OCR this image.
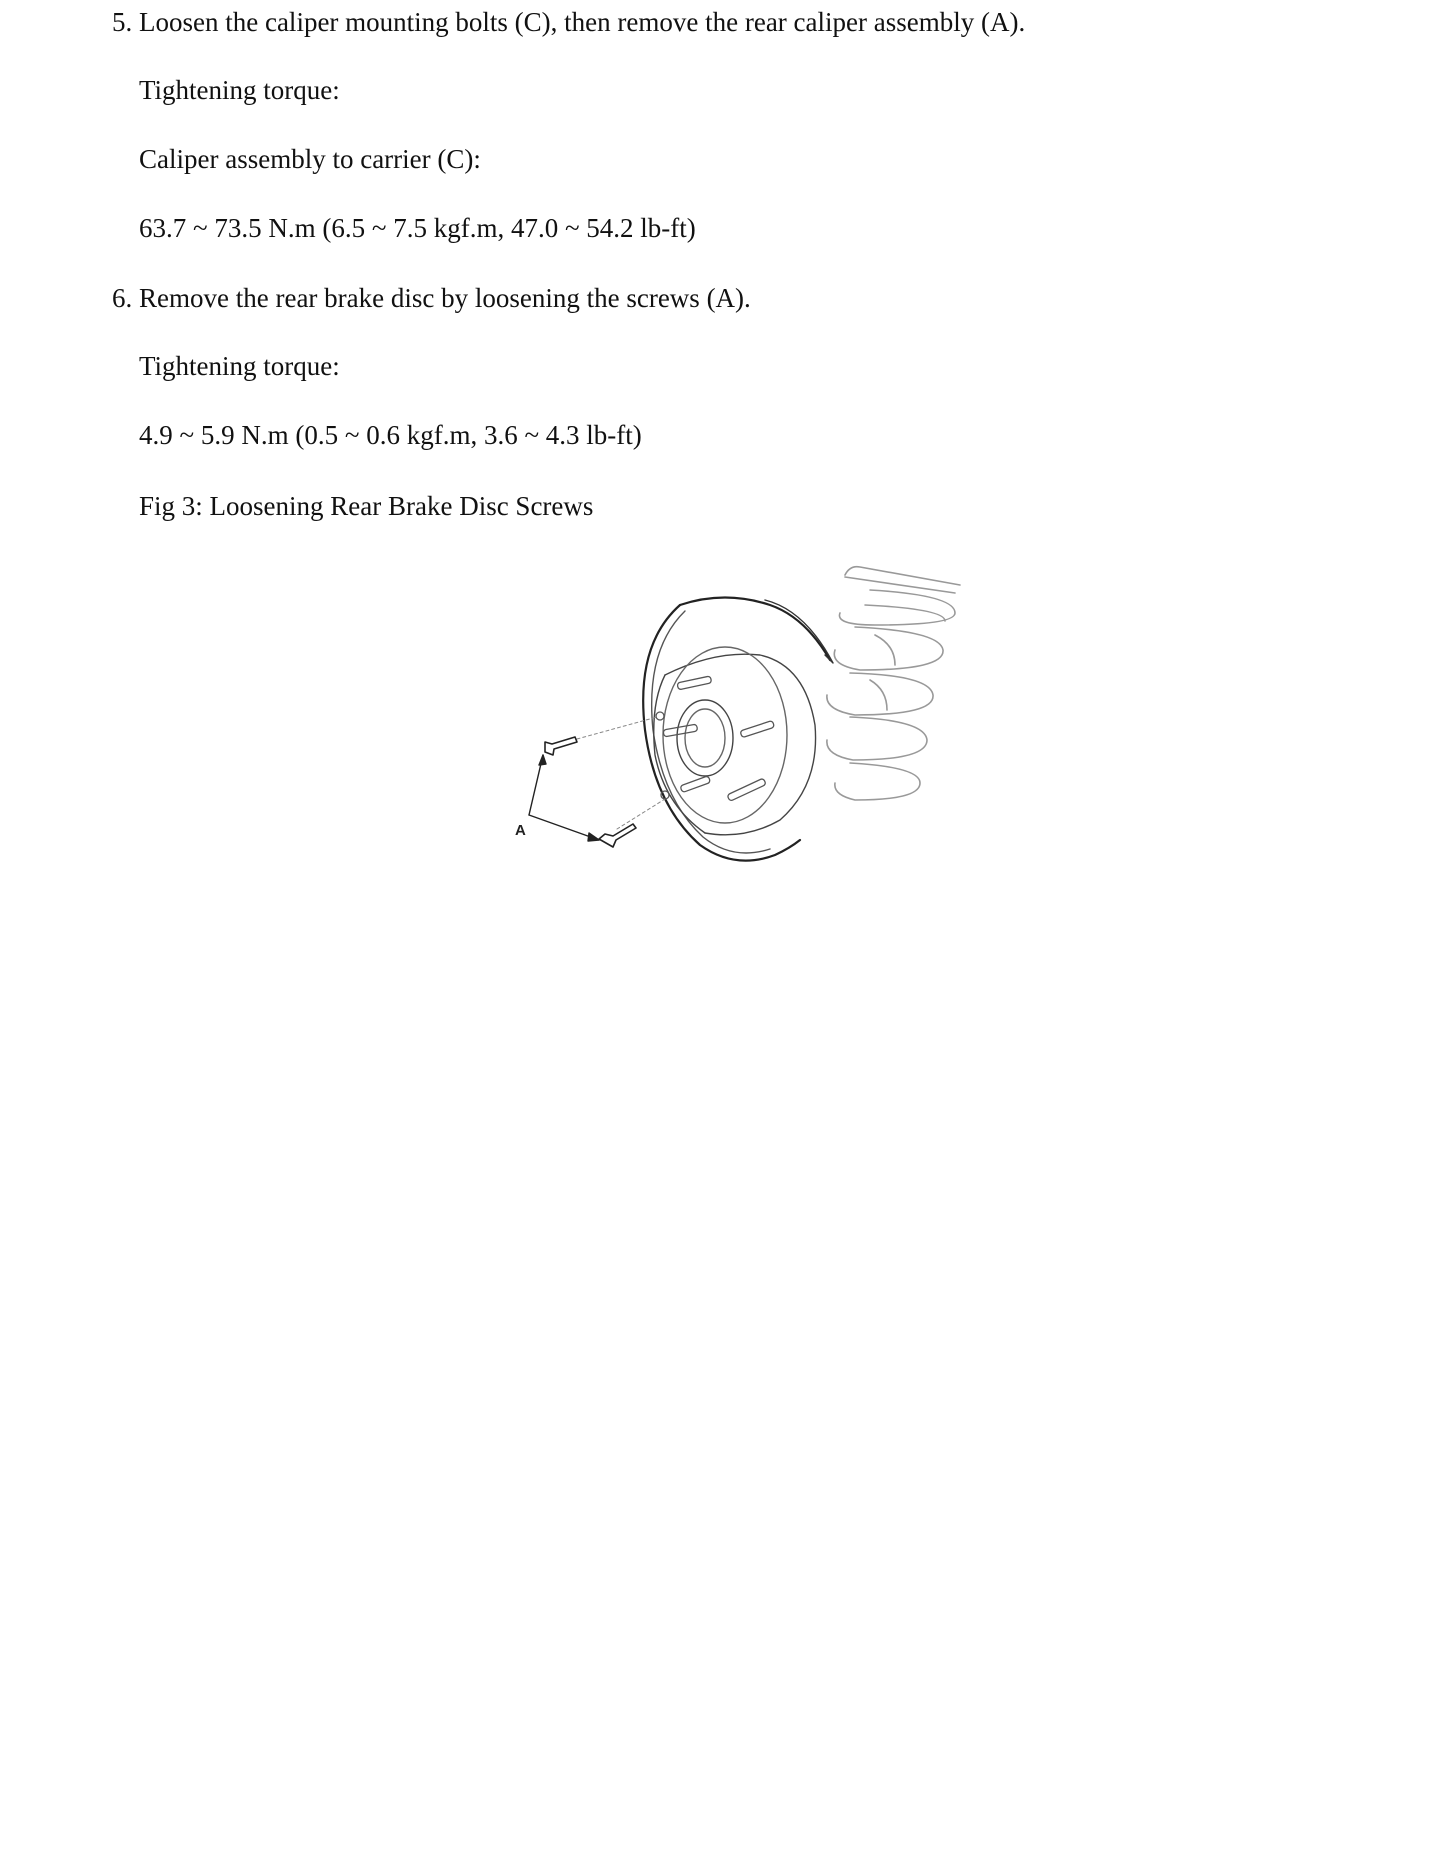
5. Loosen the caliper mounting bolts (C), then remove the rear caliper assembly (A).
Tightening torque:
Caliper assembly to carrier (C):
63.7 ~ 73.5 N.m (6.5 ~ 7.5 kgf.m, 47.0 ~ 54.2 lb-ft)
6. Remove the rear brake disc by loosening the screws (A).
Tightening torque:
4.9 ~ 5.9 N.m (0.5 ~ 0.6 kgf.m, 3.6 ~ 4.3 lb-ft)
Fig 3: Loosening Rear Brake Disc Screws
A
